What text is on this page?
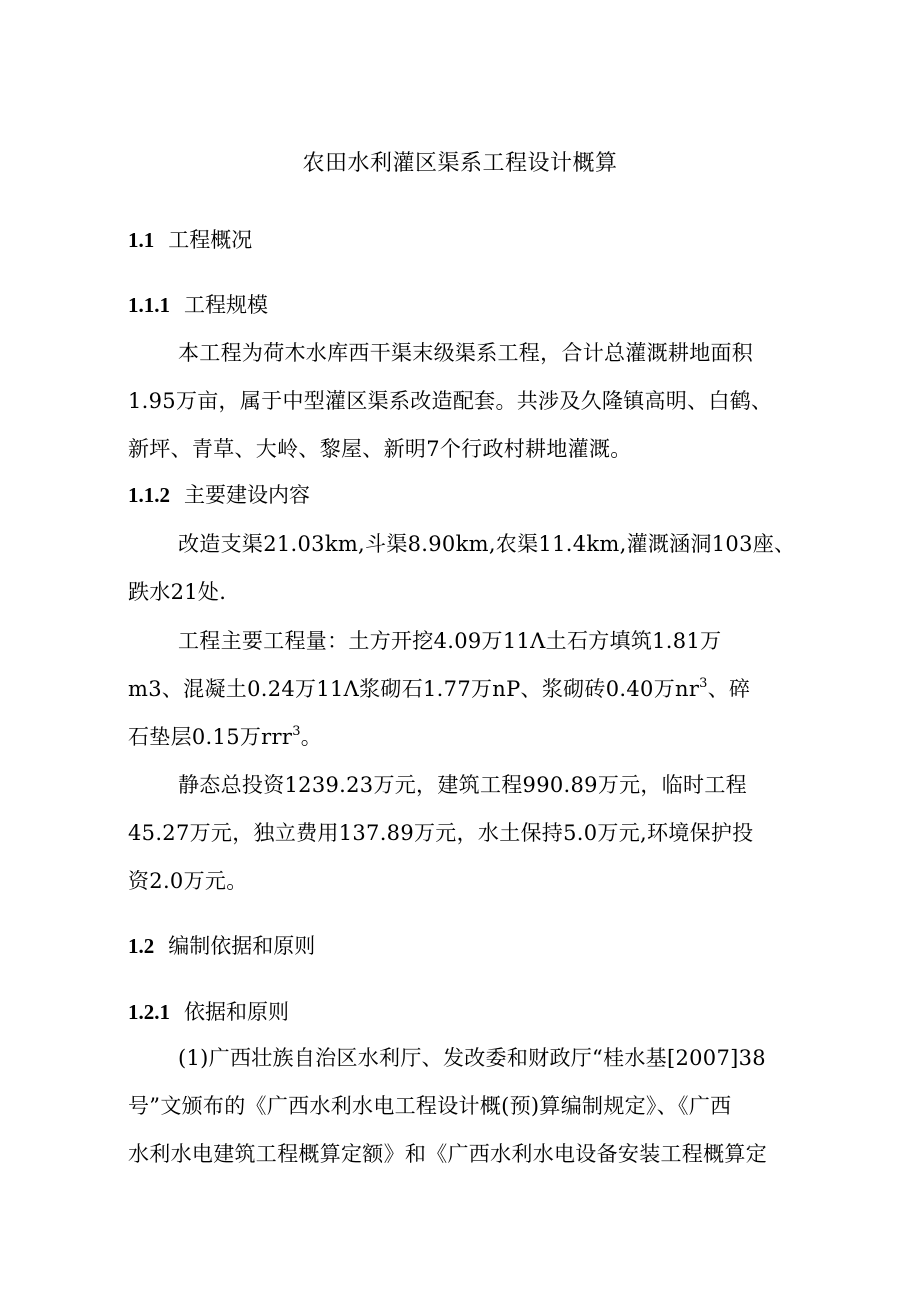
农田水利灌区渠系工程设计概算
1.1 工程概况
1.1.1 工程规模
本工程为荷木水库西干渠末级渠系工程，合计总灌溉耕地面积
1.95万亩，属于中型灌区渠系改造配套。共涉及久隆镇高明、白鹤、
新坪、青草、大岭、黎屋、新明7个行政村耕地灌溉。
1.1.2 主要建设内容
改造支渠21.03km,斗渠8.90km,农渠11.4km,灌溉涵洞103座、
跌水21处.
工程主要工程量：土方开挖4.09万11Λ土石方填筑1.81万
m3、混凝土0.24万11Λ浆砌石1.77万nP、浆砌砖0.40万$nr^3$、碎
石垫层0.15万rrr$^3$。
静态总投资1239.23万元，建筑工程990.89万元，临时工程
45.27万元，独立费用137.89万元，水土保持5.0万元,环境保护投
资2.0万元。
1.2 编制依据和原则
1.2.1 依据和原则
(1)广西壮族自治区水利厅、发改委和财政厅“桂水基[2007]38
号”文颁布的《广西水利水电工程设计概(预)算编制规定》、《广西
水利水电建筑工程概算定额》和《广西水利水电设备安装工程概算定
